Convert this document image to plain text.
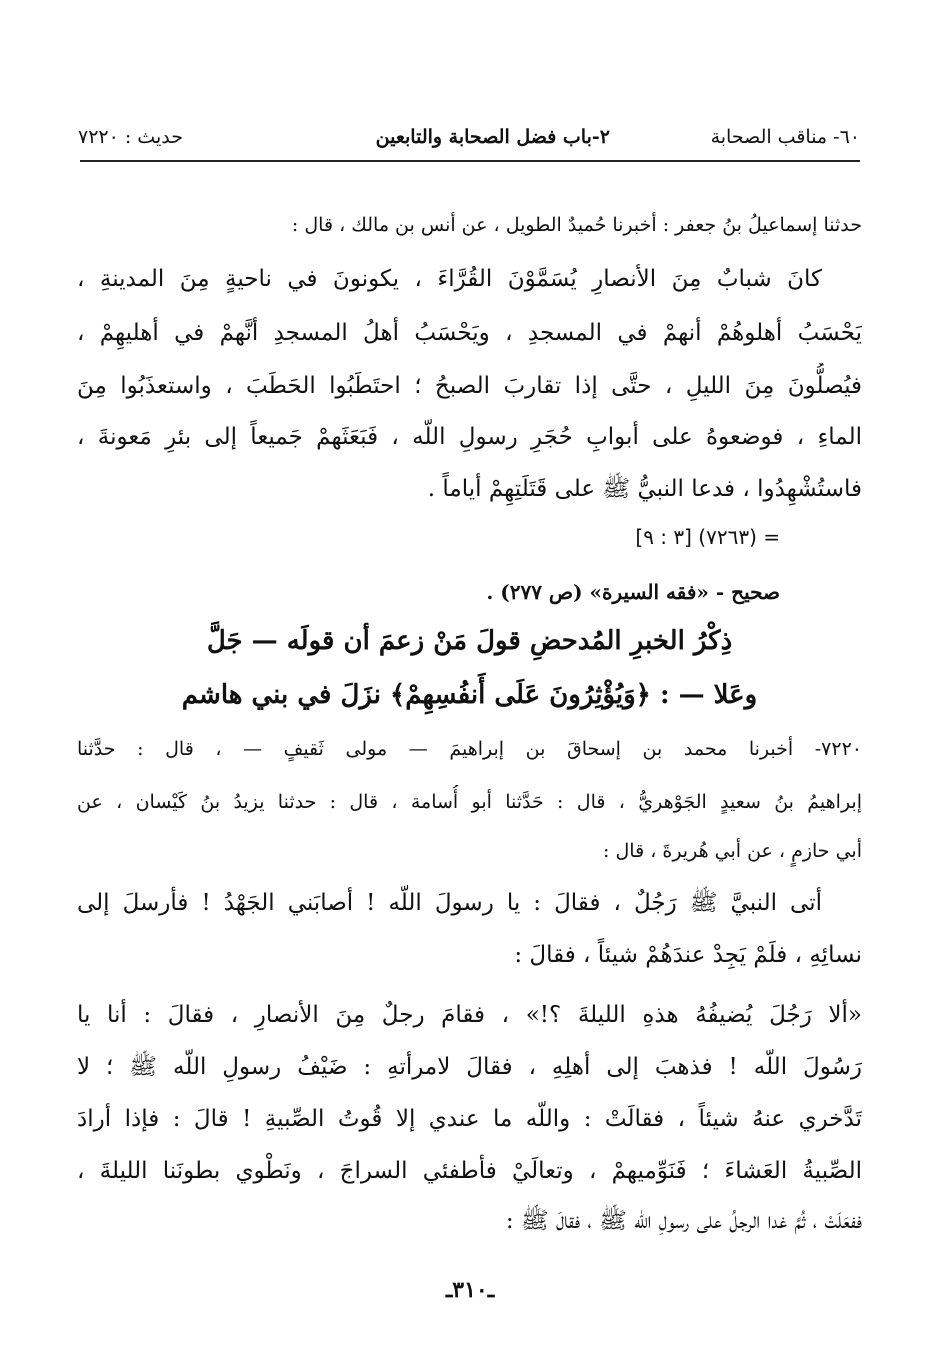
٦٠- مناقب الصحابة
٢-باب فضل الصحابة والتابعين
حديث : ٧٢٢٠
حدثنا إسماعيلُ بنُ جعفر : أخبرنا حُميدٌ الطويل ، عن أنس بن مالك ، قال :
كانَ شبابٌ مِنَ الأنصارِ يُسَمَّوْنَ القُرَّاءَ ، يكونونَ في ناحيةٍ مِنَ المدينةِ ،
يَحْسَبُ أهلوهُمْ أنهمْ في المسجدِ ، ويَحْسَبُ أهلُ المسجدِ أنَّهمْ في أهليهِمْ ،
فيُصلُّونَ مِنَ الليلِ ، حتَّى إذا تقاربَ الصبحُ ؛ احتَطَبُوا الحَطَبَ ، واستعذَبُوا مِنَ
الماءِ ، فوضعوهُ على أبوابِ حُجَرِ رسولِ اللّه ، فَبَعَثَهمْ جَميعاً إلى بئرِ مَعونةَ ،
فاستُشْهِدُوا ، فدعا النبيُّ ﷺ على قَتَلَتِهِمْ أياماً .
= (٧٢٦٣) [٣ : ٩]
صحيح - «فقه السيرة» (ص ٢٧٧) .
ذِكْرُ الخبرِ المُدحضِ قولَ مَنْ زعمَ أن قولَه — جَلَّ
وعَلا — : ﴿وَيُؤْثِرُونَ عَلَى أَنفُسِهِمْ﴾ نزَلَ في بني هاشم
٧٢٢٠- أخبرنا محمد بن إسحاقَ بن إبراهيمَ — مولى ثَقيفٍ — ، قال : حدَّثنا
إبراهيمُ بنُ سعيدٍ الجَوْهريُّ ، قال : حَدَّثنا أبو أُسامة ، قال : حدثنا يزيدُ بنُ كَيْسان ، عن
أبي حازمٍ ، عن أبي هُريرةَ ، قال :
أتى النبيَّ ﷺ رَجُلٌ ، فقالَ : يا رسولَ اللّه ! أصابَني الجَهْدُ ! فأرسلَ إلى
نسائِهِ ، فلَمْ يَجِدْ عندَهُمْ شيئاً ، فقالَ :
«ألا رَجُلَ يُضيفُهُ هذهِ الليلةَ ؟!» ، فقامَ رجلٌ مِنَ الأنصارِ ، فقالَ : أنا يا
رَسُولَ اللّه ! فذهبَ إلى أهلِهِ ، فقالَ لامرأتهِ : ضَيْفُ رسولِ اللّه ﷺ ؛ لا
تَدَّخري عنهُ شيئاً ، فقالَتْ : واللّه ما عندي إلا قُوتُ الصِّبيةِ ! قالَ : فإذا أرادَ
الصِّبيةُ العَشاءَ ؛ فَنَوِّميهمْ ، وتعالَيْ فأطفئي السراجَ ، ونَطْوي بطونَنا الليلةَ ،
ففعَلَتْ ، ثُمَّ غدا الرجلُ على رسولِ اللّه ﷺ ، فقالَ ﷺ :
ـ٣١٠ـ
